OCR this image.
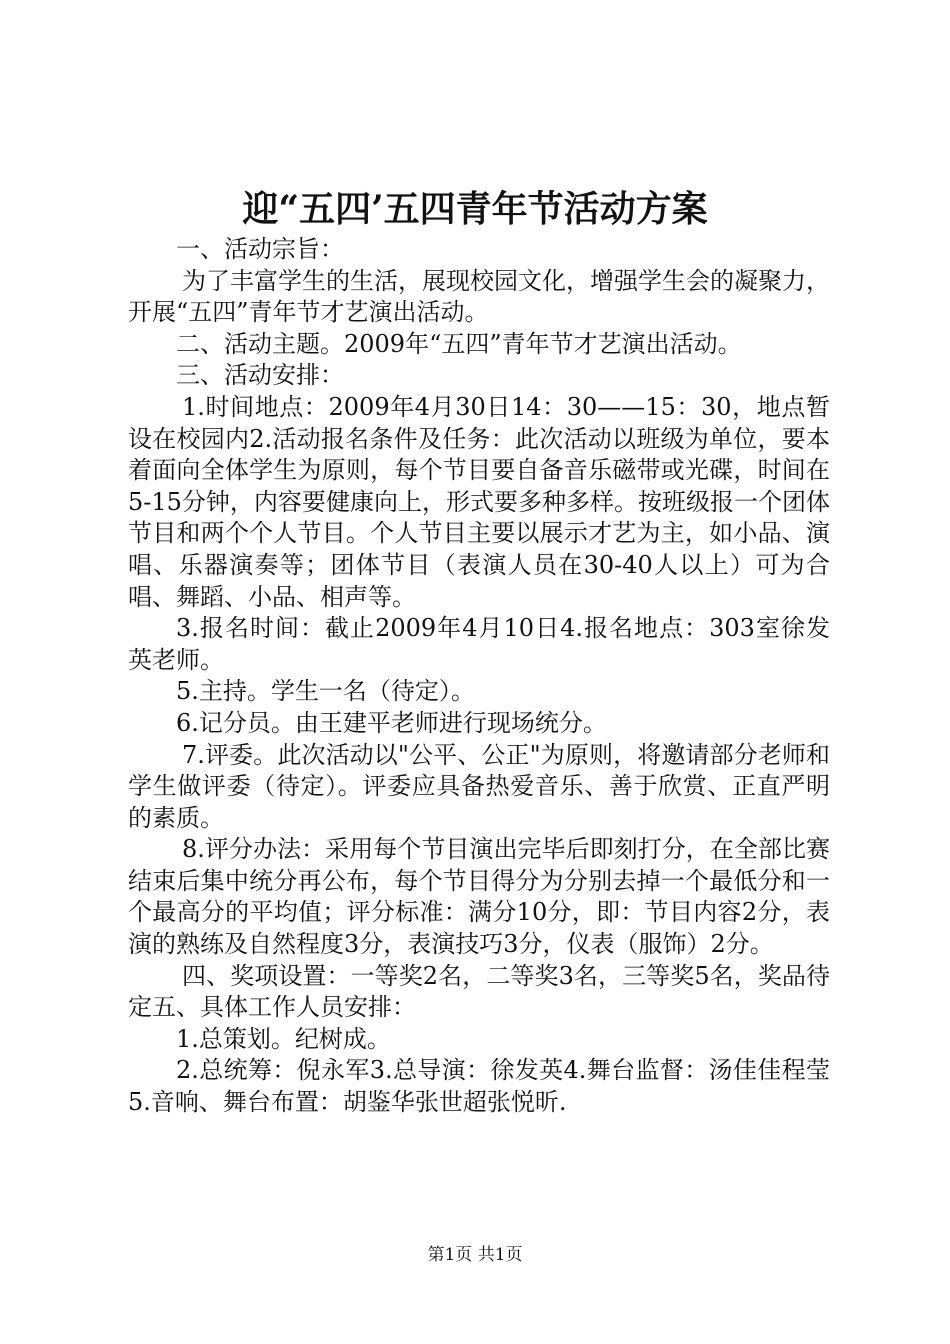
迎“五四’五四青年节活动方案

一、活动宗旨：

为了丰富学生的生活，展现校园文化，增强学生会的凝聚力，开展“五四”青年节才艺演出活动。

二、活动主题。2009年“五四”青年节才艺演出活动。

三、活动安排：

1.时间地点：2009年4月30日14：30——15：30，地点暂设在校园内2.活动报名条件及任务：此次活动以班级为单位，要本着面向全体学生为原则，每个节目要自备音乐磁带或光碟，时间在5-15分钟，内容要健康向上，形式要多种多样。按班级报一个团体节目和两个个人节目。个人节目主要以展示才艺为主，如小品、演唱、乐器演奏等；团体节目（表演人员在30-40人以上）可为合唱、舞蹈、小品、相声等。

3.报名时间：截止2009年4月10日4.报名地点：303室徐发英老师。

5.主持。学生一名（待定）。

6.记分员。由王建平老师进行现场统分。

7.评委。此次活动以"公平、公正"为原则，将邀请部分老师和学生做评委（待定）。评委应具备热爱音乐、善于欣赏、正直严明的素质。

8.评分办法：采用每个节目演出完毕后即刻打分，在全部比赛结束后集中统分再公布，每个节目得分为分别去掉一个最低分和一个最高分的平均值；评分标准：满分10分，即：节目内容2分，表演的熟练及自然程度3分，表演技巧3分，仪表（服饰）2分。

四、奖项设置：一等奖2名，二等奖3名，三等奖5名，奖品待定五、具体工作人员安排：

1.总策划。纪树成。

2.总统筹：倪永军3.总导演：徐发英4.舞台监督：汤佳佳程莹5.音响、舞台布置：胡鉴华张世超张悦昕.

第1页 共1页
